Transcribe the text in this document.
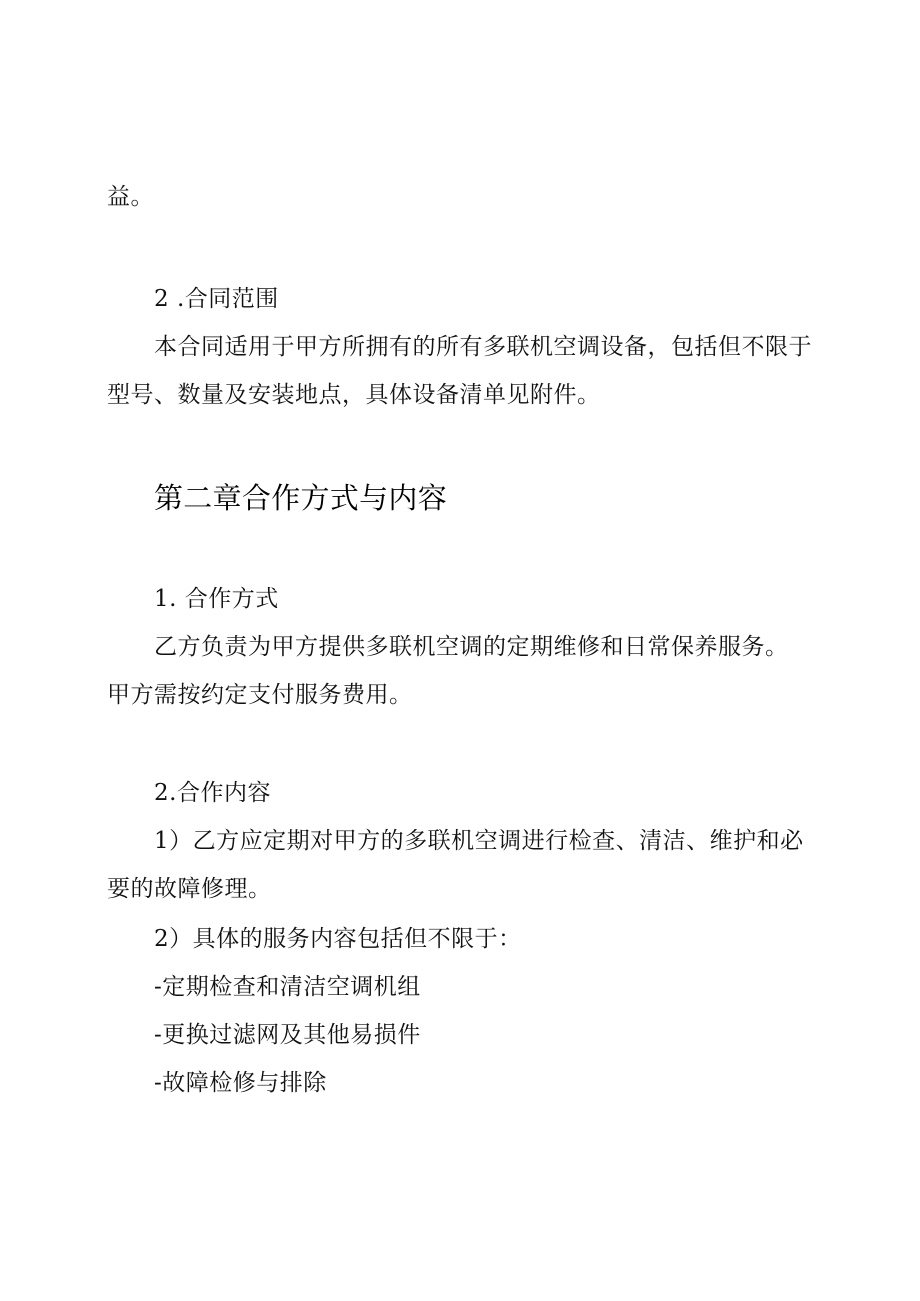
益。
2 .合同范围
本合同适用于甲方所拥有的所有多联机空调设备，包括但不限于
型号、数量及安装地点，具体设备清单见附件。
第二章合作方式与内容
1. 合作方式
乙方负责为甲方提供多联机空调的定期维修和日常保养服务。
甲方需按约定支付服务费用。
2.合作内容
1）乙方应定期对甲方的多联机空调进行检查、清洁、维护和必
要的故障修理。
2）具体的服务内容包括但不限于：
-定期检查和清洁空调机组
-更换过滤网及其他易损件
-故障检修与排除
